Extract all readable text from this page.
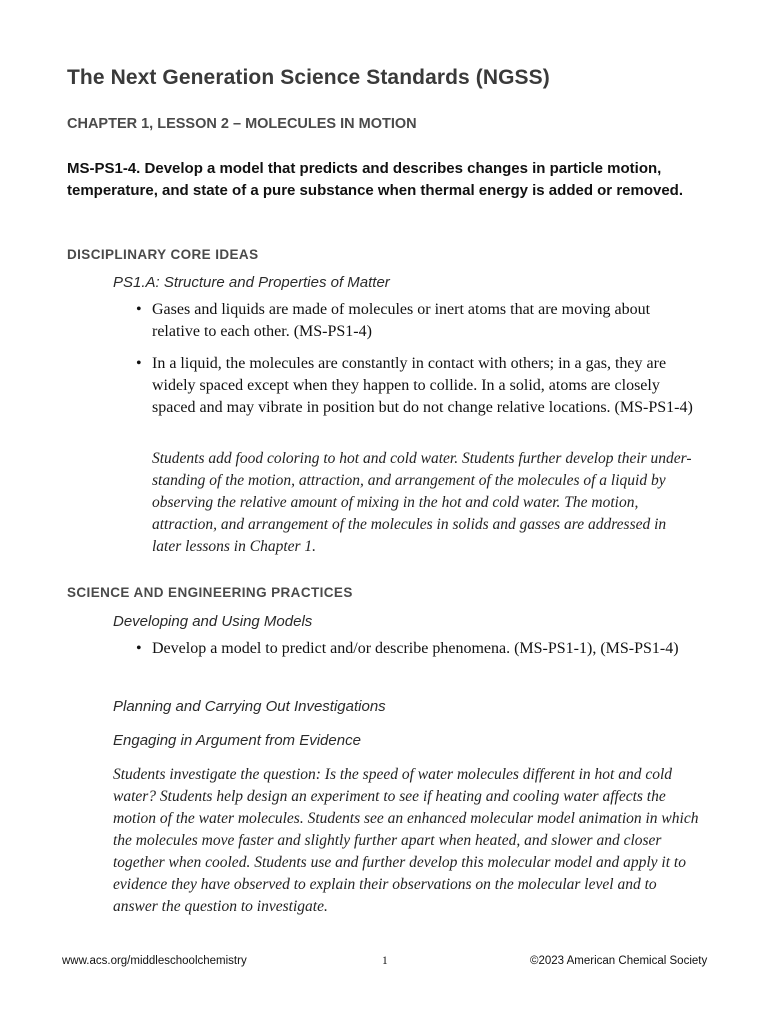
The Next Generation Science Standards (NGSS)
CHAPTER 1, LESSON 2 – MOLECULES IN MOTION
MS-PS1-4. Develop a model that predicts and describes changes in particle motion, temperature, and state of a pure substance when thermal energy is added or removed.
DISCIPLINARY CORE IDEAS
PS1.A: Structure and Properties of Matter
• Gases and liquids are made of molecules or inert atoms that are moving about relative to each other. (MS-PS1-4)
• In a liquid, the molecules are constantly in contact with others; in a gas, they are widely spaced except when they happen to collide. In a solid, atoms are closely spaced and may vibrate in position but do not change relative locations. (MS-PS1-4)
Students add food coloring to hot and cold water. Students further develop their under-standing of the motion, attraction, and arrangement of the molecules of a liquid by observing the relative amount of mixing in the hot and cold water. The motion, attraction, and arrangement of the molecules in solids and gasses are addressed in later lessons in Chapter 1.
SCIENCE AND ENGINEERING PRACTICES
Developing and Using Models
• Develop a model to predict and/or describe phenomena. (MS-PS1-1), (MS-PS1-4)
Planning and Carrying Out Investigations
Engaging in Argument from Evidence
Students investigate the question: Is the speed of water molecules different in hot and cold water? Students help design an experiment to see if heating and cooling water affects the motion of the water molecules. Students see an enhanced molecular model animation in which the molecules move faster and slightly further apart when heated, and slower and closer together when cooled. Students use and further develop this molecular model and apply it to evidence they have observed to explain their observations on the molecular level and to answer the question to investigate.
www.acs.org/middleschoolchemistry	1	©2023 American Chemical Society
